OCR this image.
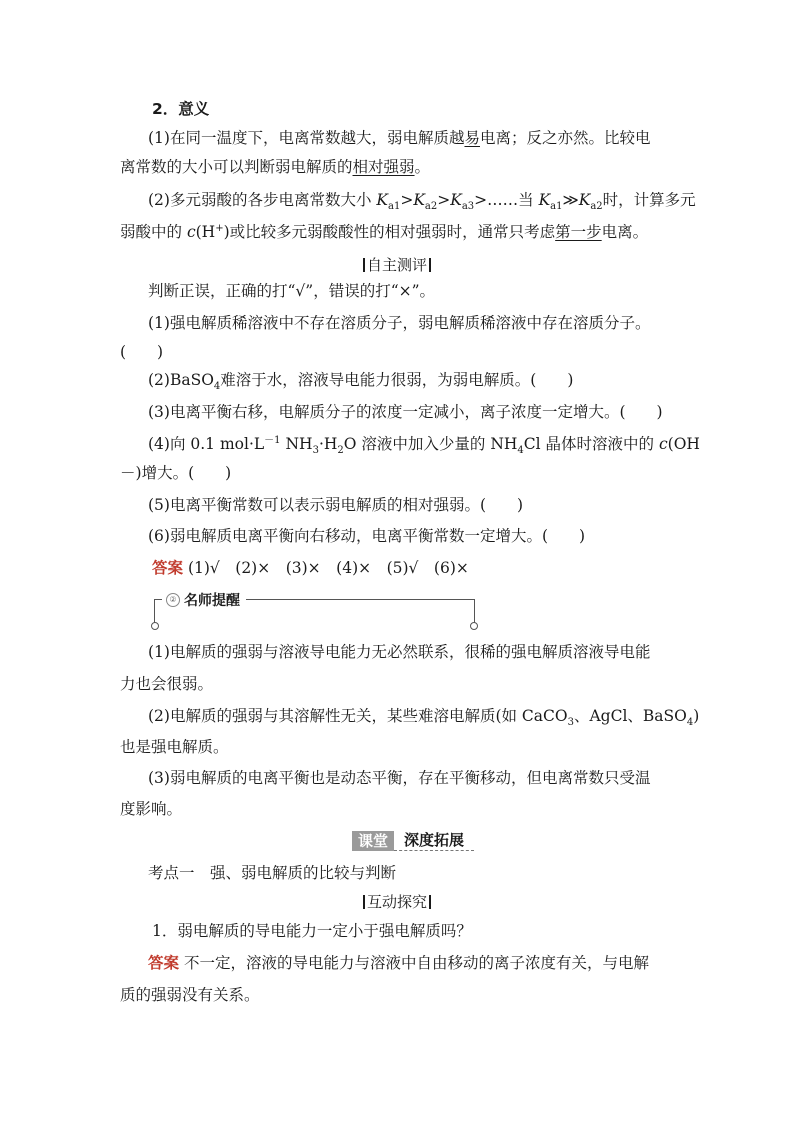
2．意义
(1)在同一温度下，电离常数越大，弱电解质越易电离；反之亦然。比较电
离常数的大小可以判断弱电解质的相对强弱。
(2)多元弱酸的各步电离常数大小 $K_{a1}>K_{a2}>K_{a3}>\dots\dots$当 $K_{a1}≫K_{a2}$时，计算多元
弱酸中的 c(H+)或比较多元弱酸酸性的相对强弱时，通常只考虑第一步电离。
自主测评
判断正误，正确的打“√”，错误的打“×”。
(1)强电解质稀溶液中不存在溶质分子，弱电解质稀溶液中存在溶质分子。
(　　)
(2)BaSO$_4$难溶于水，溶液导电能力很弱，为弱电解质。(　　)
(3)电离平衡右移，电解质分子的浓度一定减小，离子浓度一定增大。(　　)
(4)向 0.1 $mol\cdot L^{-1}$ $NH_3\cdot H_2O$ 溶液中加入少量的 $NH_4Cl$ 晶体时溶液中的 c(OH
－)增大。(　　)
(5)电离平衡常数可以表示弱电解质的相对强弱。(　　)
(6)弱电解质电离平衡向右移动，电离平衡常数一定增大。(　　)
答案 (1)√　(2)×　(3)×　(4)×　(5)√　(6)×
② 名师提醒
(1)电解质的强弱与溶液导电能力无必然联系，很稀的强电解质溶液导电能
力也会很弱。
(2)电解质的强弱与其溶解性无关，某些难溶电解质(如 CaCO$_3$、AgCl、BaSO$_4$)
也是强电解质。
(3)弱电解质的电离平衡也是动态平衡，存在平衡移动，但电离常数只受温
度影响。
课堂	深度拓展
考点一　强、弱电解质的比较与判断
互动探究
1．弱电解质的导电能力一定小于强电解质吗？
答案 不一定，溶液的导电能力与溶液中自由移动的离子浓度有关，与电解
质的强弱没有关系。
